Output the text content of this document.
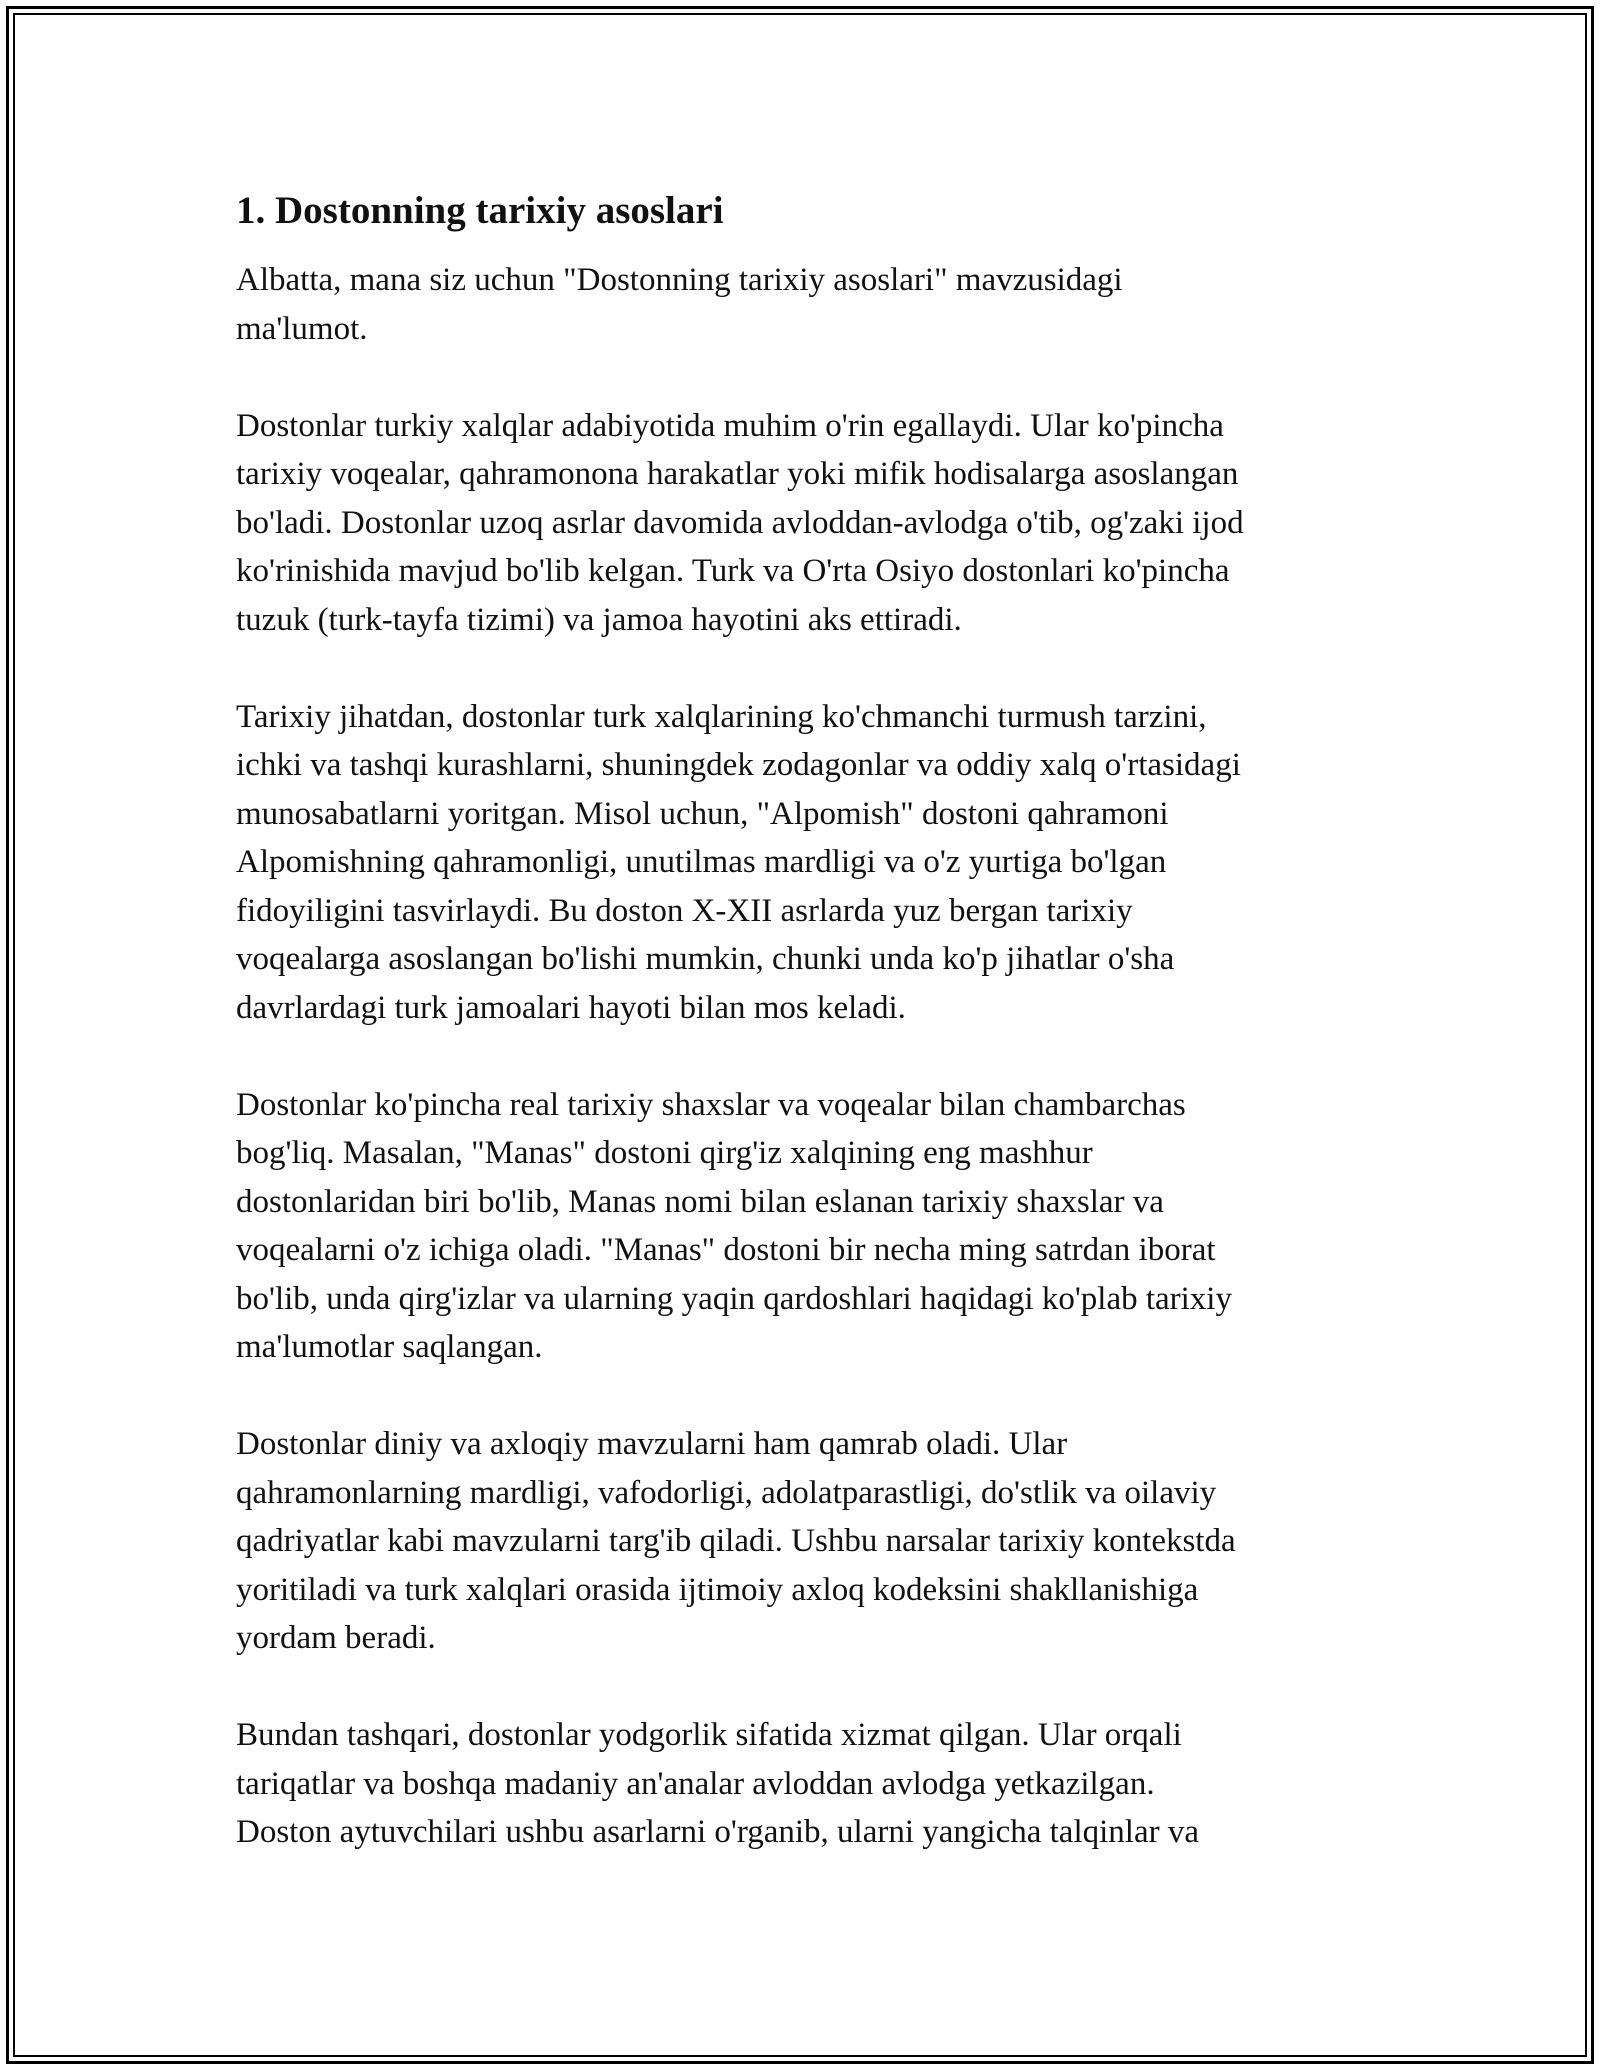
1. Dostonning tarixiy asoslari
Albatta, mana siz uchun "Dostonning tarixiy asoslari" mavzusidagi
ma'lumot.
Dostonlar turkiy xalqlar adabiyotida muhim o'rin egallaydi. Ular ko'pincha
tarixiy voqealar, qahramonona harakatlar yoki mifik hodisalarga asoslangan
bo'ladi. Dostonlar uzoq asrlar davomida avloddan-avlodga o'tib, og'zaki ijod
ko'rinishida mavjud bo'lib kelgan. Turk va O'rta Osiyo dostonlari ko'pincha
tuzuk (turk-tayfa tizimi) va jamoa hayotini aks ettiradi.
Tarixiy jihatdan, dostonlar turk xalqlarining ko'chmanchi turmush tarzini,
ichki va tashqi kurashlarni, shuningdek zodagonlar va oddiy xalq o'rtasidagi
munosabatlarni yoritgan. Misol uchun, "Alpomish" dostoni qahramoni
Alpomishning qahramonligi, unutilmas mardligi va o'z yurtiga bo'lgan
fidoyiligini tasvirlaydi. Bu doston X-XII asrlarda yuz bergan tarixiy
voqealarga asoslangan bo'lishi mumkin, chunki unda ko'p jihatlar o'sha
davrlardagi turk jamoalari hayoti bilan mos keladi.
Dostonlar ko'pincha real tarixiy shaxslar va voqealar bilan chambarchas
bog'liq. Masalan, "Manas" dostoni qirg'iz xalqining eng mashhur
dostonlaridan biri bo'lib, Manas nomi bilan eslanan tarixiy shaxslar va
voqealarni o'z ichiga oladi. "Manas" dostoni bir necha ming satrdan iborat
bo'lib, unda qirg'izlar va ularning yaqin qardoshlari haqidagi ko'plab tarixiy
ma'lumotlar saqlangan.
Dostonlar diniy va axloqiy mavzularni ham qamrab oladi. Ular
qahramonlarning mardligi, vafodorligi, adolatparastligi, do'stlik va oilaviy
qadriyatlar kabi mavzularni targ'ib qiladi. Ushbu narsalar tarixiy kontekstda
yoritiladi va turk xalqlari orasida ijtimoiy axloq kodeksini shakllanishiga
yordam beradi.
Bundan tashqari, dostonlar yodgorlik sifatida xizmat qilgan. Ular orqali
tariqatlar va boshqa madaniy an'analar avloddan avlodga yetkazilgan.
Doston aytuvchilari ushbu asarlarni o'rganib, ularni yangicha talqinlar va
